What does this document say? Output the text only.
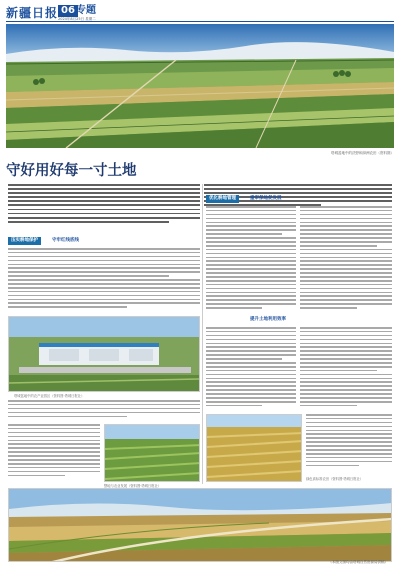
新疆日报 06 专题
2024年8月25日 星期二
塔城盆地中的沃野和绿洲农田（资料图）
守好用好每一寸土地
压实耕地保护	守牢红线底线
优化耕地管理	重审保地促发展
塔城盆地中的农产业园区（资料图·塔城日报社）
提升土地利用效率
绿色高标准农田（资料图·塔城日报社）
整地与农业发展（资料图·塔城日报社）
（本版文图均由塔城自然资源局供稿）
